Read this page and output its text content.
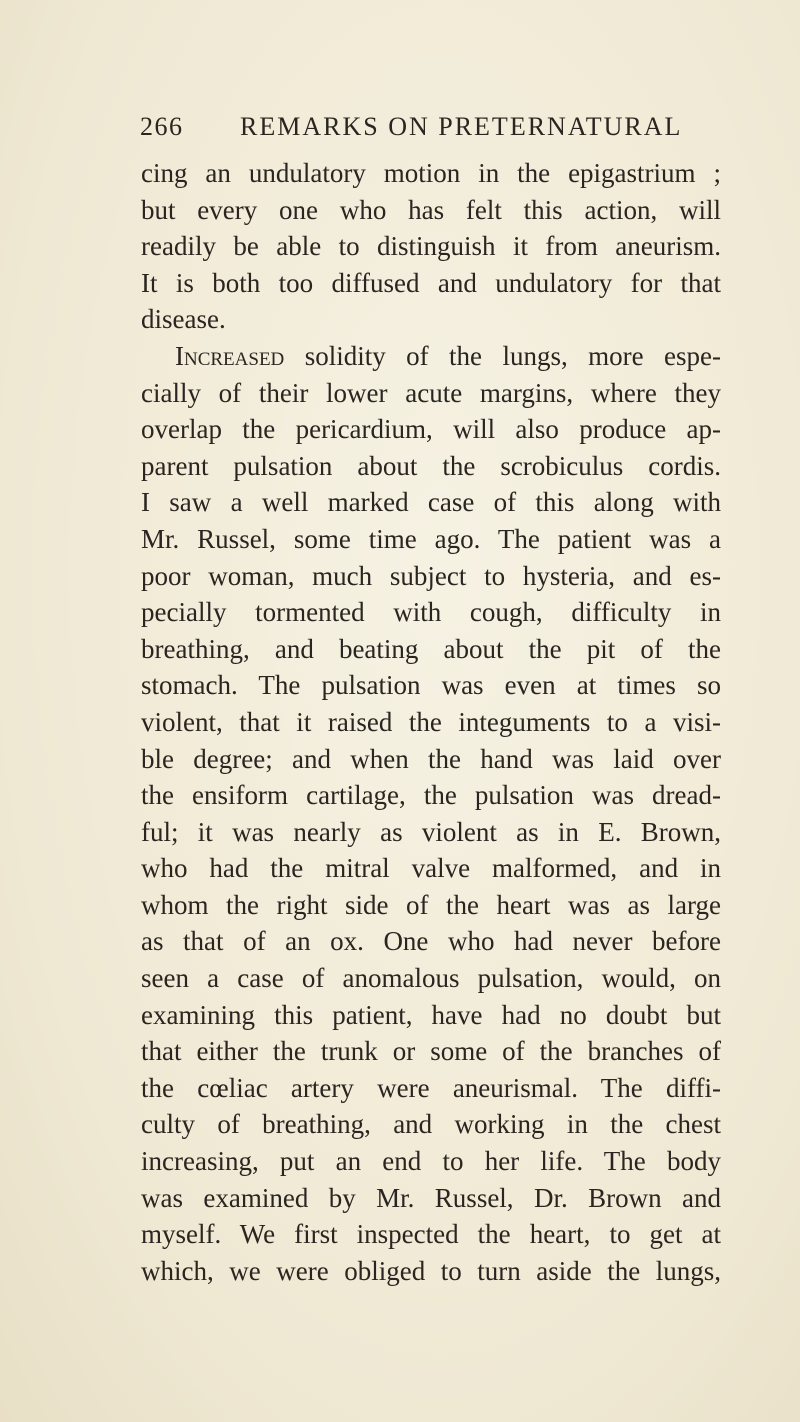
266 REMARKS ON PRETERNATURAL
cing an undulatory motion in the epigastrium ;
but every one who has felt this action, will
readily be able to distinguish it from aneurism.
It is both too diffused and undulatory for that
disease.
Increased solidity of the lungs, more espe-
cially of their lower acute margins, where they
overlap the pericardium, will also produce ap-
parent pulsation about the scrobiculus cordis.
I saw a well marked case of this along with
Mr. Russel, some time ago. The patient was a
poor woman, much subject to hysteria, and es-
pecially tormented with cough, difficulty in
breathing, and beating about the pit of the
stomach. The pulsation was even at times so
violent, that it raised the integuments to a visi-
ble degree; and when the hand was laid over
the ensiform cartilage, the pulsation was dread-
ful; it was nearly as violent as in E. Brown,
who had the mitral valve malformed, and in
whom the right side of the heart was as large
as that of an ox. One who had never before
seen a case of anomalous pulsation, would, on
examining this patient, have had no doubt but
that either the trunk or some of the branches of
the cœliac artery were aneurismal. The diffi-
culty of breathing, and working in the chest
increasing, put an end to her life. The body
was examined by Mr. Russel, Dr. Brown and
myself. We first inspected the heart, to get at
which, we were obliged to turn aside the lungs,
